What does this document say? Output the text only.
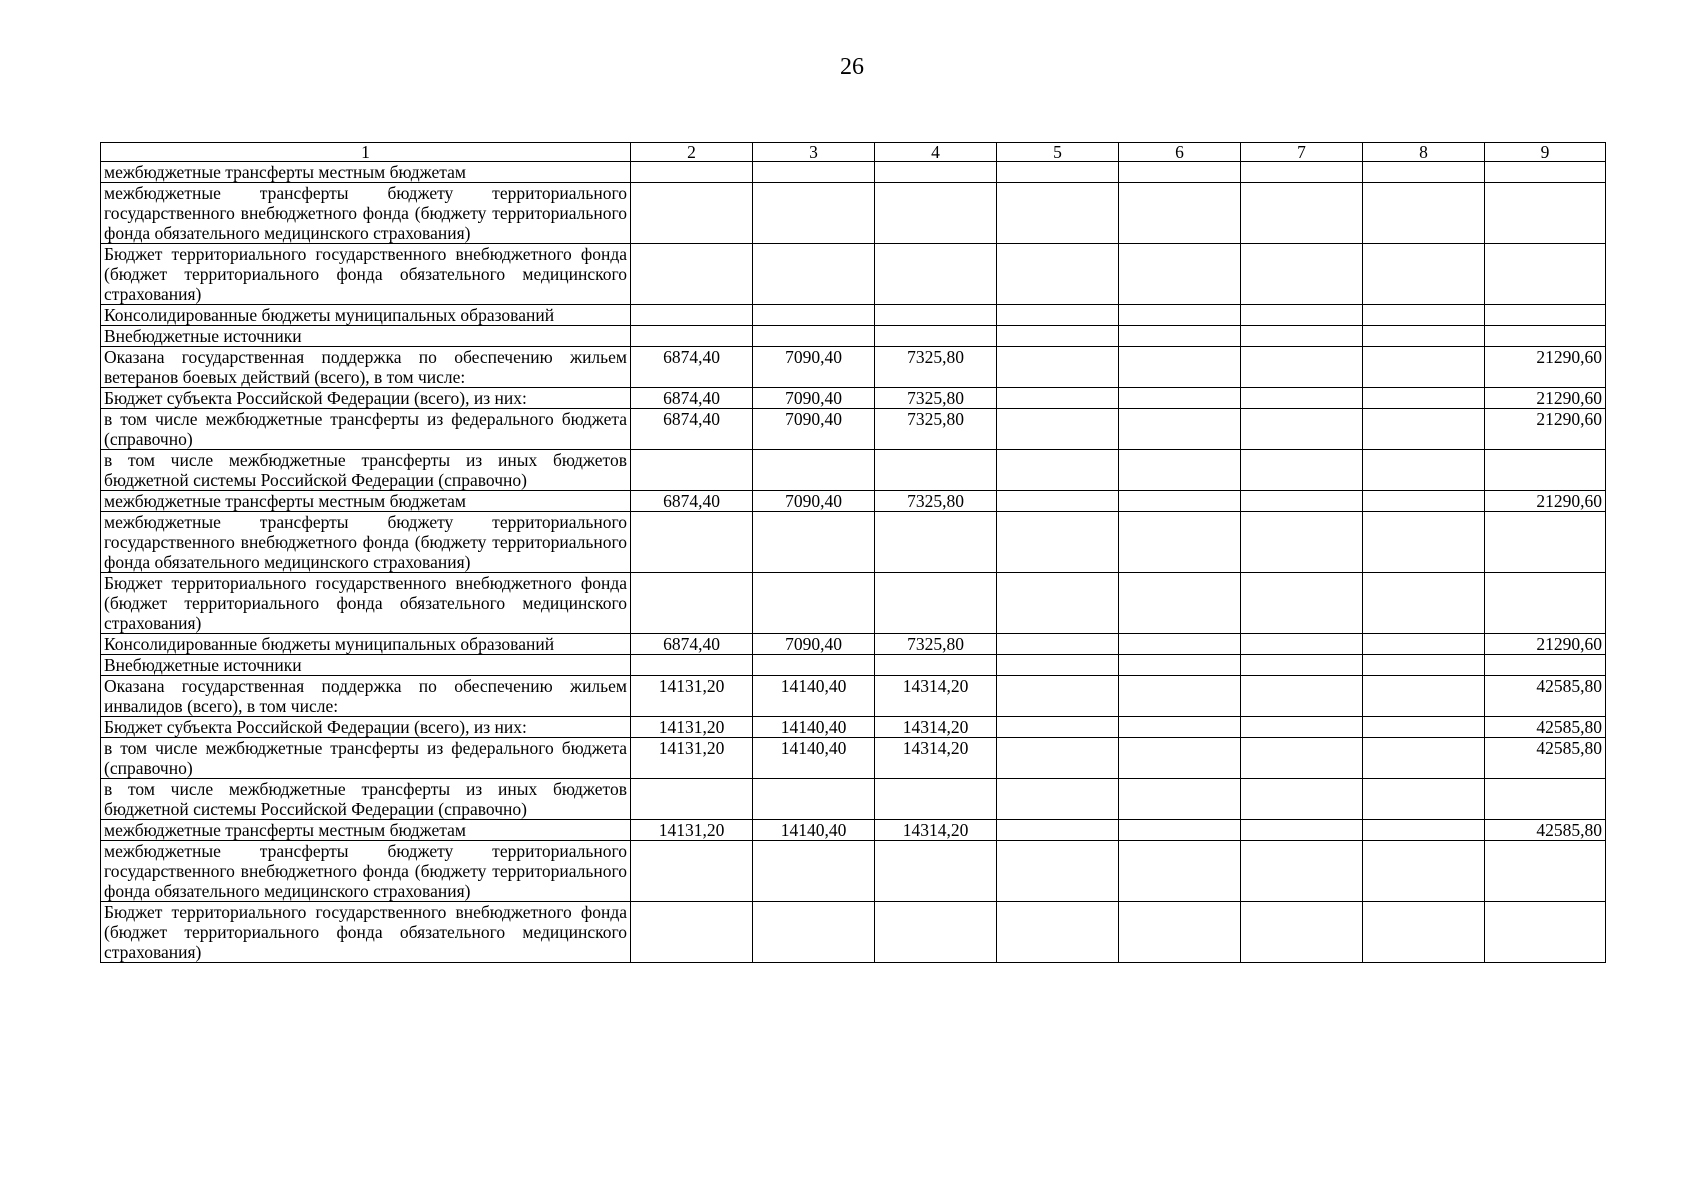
26
1	2	3	4	5	6	7	8	9
межбюджетные трансферты местным бюджетам								
межбюджетные трансферты бюджету территориального государственного внебюджетного фонда (бюджету территориального фонда обязательного медицинского страхования)								
Бюджет территориального государственного внебюджетного фонда (бюджет территориального фонда обязательного медицинского страхования)								
Консолидированные бюджеты муниципальных образований								
Внебюджетные источники								
Оказана государственная поддержка по обеспечению жильем ветеранов боевых действий (всего), в том числе:	6874,40	7090,40	7325,80					21290,60
Бюджет субъекта Российской Федерации (всего), из них:	6874,40	7090,40	7325,80					21290,60
в том числе межбюджетные трансферты из федерального бюджета (справочно)	6874,40	7090,40	7325,80					21290,60
в том числе межбюджетные трансферты из иных бюджетов бюджетной системы Российской Федерации (справочно)								
межбюджетные трансферты местным бюджетам	6874,40	7090,40	7325,80					21290,60
межбюджетные трансферты бюджету территориального государственного внебюджетного фонда (бюджету территориального фонда обязательного медицинского страхования)								
Бюджет территориального государственного внебюджетного фонда (бюджет территориального фонда обязательного медицинского страхования)								
Консолидированные бюджеты муниципальных образований	6874,40	7090,40	7325,80					21290,60
Внебюджетные источники								
Оказана государственная поддержка по обеспечению жильем инвалидов (всего), в том числе:	14131,20	14140,40	14314,20					42585,80
Бюджет субъекта Российской Федерации (всего), из них:	14131,20	14140,40	14314,20					42585,80
в том числе межбюджетные трансферты из федерального бюджета (справочно)	14131,20	14140,40	14314,20					42585,80
в том числе межбюджетные трансферты из иных бюджетов бюджетной системы Российской Федерации (справочно)								
межбюджетные трансферты местным бюджетам	14131,20	14140,40	14314,20					42585,80
межбюджетные трансферты бюджету территориального государственного внебюджетного фонда (бюджету территориального фонда обязательного медицинского страхования)								
Бюджет территориального государственного внебюджетного фонда (бюджет территориального фонда обязательного медицинского страхования)								
